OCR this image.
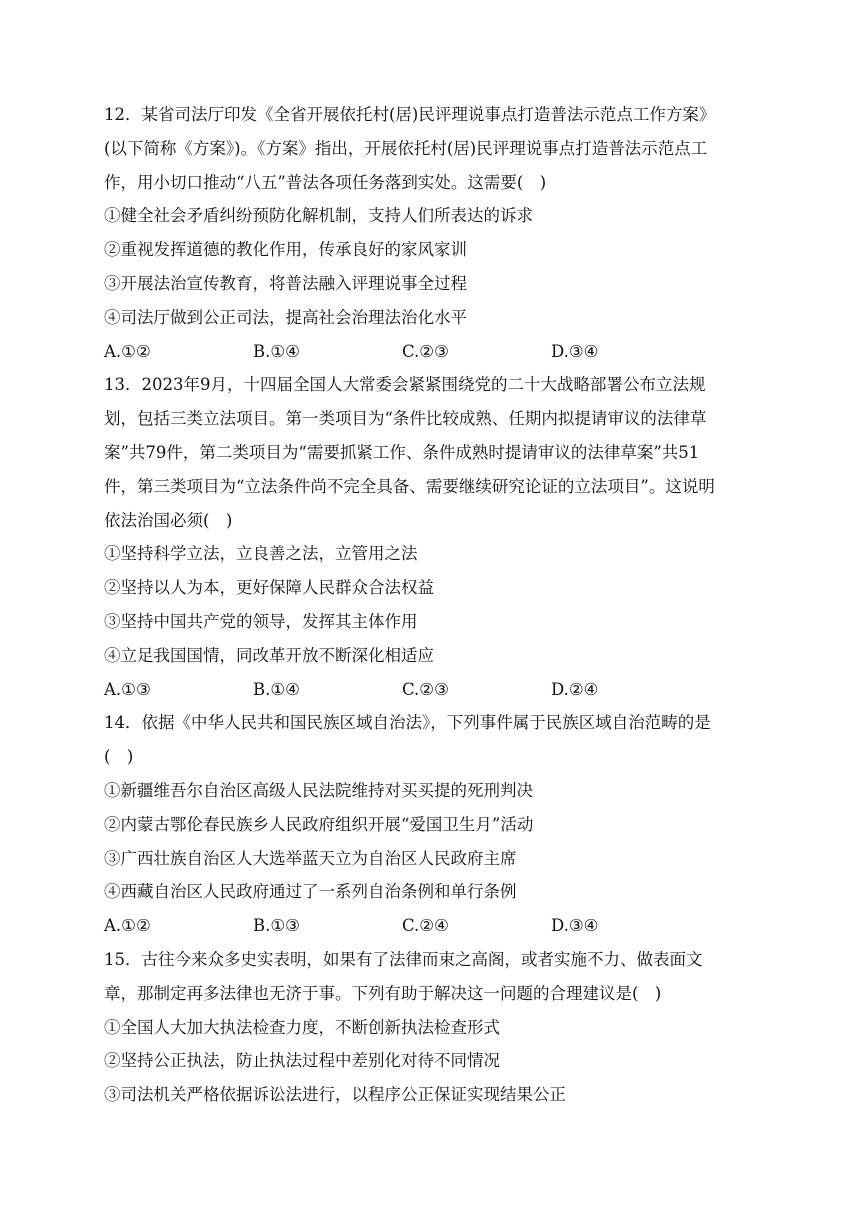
12．某省司法厅印发《全省开展依托村(居)民评理说事点打造普法示范点工作方案》
(以下简称《方案》)。《方案》指出，开展依托村(居)民评理说事点打造普法示范点工
作，用小切口推动“八五”普法各项任务落到实处。这需要(　)
①健全社会矛盾纠纷预防化解机制，支持人们所表达的诉求
②重视发挥道德的教化作用，传承良好的家风家训
③开展法治宣传教育，将普法融入评理说事全过程
④司法厅做到公正司法，提高社会治理法治化水平
A.①②	B.①④	C.②③	D.③④
13．2023年9月，十四届全国人大常委会紧紧围绕党的二十大战略部署公布立法规
划，包括三类立法项目。第一类项目为“条件比较成熟、任期内拟提请审议的法律草
案”共79件，第二类项目为“需要抓紧工作、条件成熟时提请审议的法律草案”共51
件，第三类项目为“立法条件尚不完全具备、需要继续研究论证的立法项目”。这说明
依法治国必须(　)
①坚持科学立法，立良善之法，立管用之法
②坚持以人为本，更好保障人民群众合法权益
③坚持中国共产党的领导，发挥其主体作用
④立足我国国情，同改革开放不断深化相适应
A.①③	B.①④	C.②③	D.②④
14．依据《中华人民共和国民族区域自治法》，下列事件属于民族区域自治范畴的是
(　)
①新疆维吾尔自治区高级人民法院维持对买买提的死刑判决
②内蒙古鄂伦春民族乡人民政府组织开展“爱国卫生月”活动
③广西壮族自治区人大选举蓝天立为自治区人民政府主席
④西藏自治区人民政府通过了一系列自治条例和单行条例
A.①②	B.①③	C.②④	D.③④
15．古往今来众多史实表明，如果有了法律而束之高阁，或者实施不力、做表面文
章，那制定再多法律也无济于事。下列有助于解决这一问题的合理建议是(　)
①全国人大加大执法检查力度，不断创新执法检查形式
②坚持公正执法，防止执法过程中差别化对待不同情况
③司法机关严格依据诉讼法进行，以程序公正保证实现结果公正
